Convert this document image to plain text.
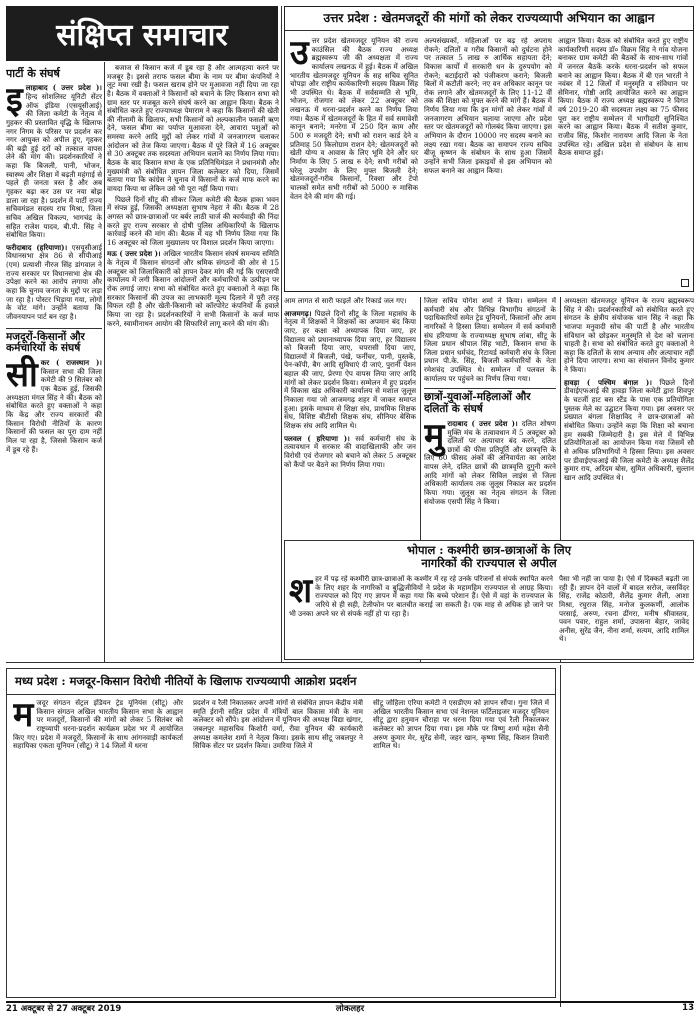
संक्षिप्त समाचार
पार्टी के संघर्ष
इ लाहाबाद ( उत्तर प्रदेश )। हिन्द सोशलिस्ट यूनिटी सेंटर ऑफ इंडिया (एसयूसीआई) की जिला कमेटी के नेतृत्व में गुहकर की प्रस्तावित वृद्धि के खिलाफ नगर निगम के परिसर पर प्रदर्शन कर नगर आयुक्त को अपील हुए, गृहकर की बढ़ी हुई दरों को तत्काल वापस लेने की मांग की। प्रदर्शनकारियों ने कहा कि बिजली, पानी, भोजन, स्वास्थ्य और शिक्षा में बढ़ती महंगाई से पहले ही जनता त्रस्त है और अब गृहकर बढ़ा कर उस पर नया बोझ डाला जा रहा है। प्रदर्शन में पार्टी राज्य सचिवमंडल सदस्य राघ मिश्रा, जिला सचिव अखिल विकल्प, भागचंद्र के सहित राजेश यादव, बी.पी. सिंह ने संबोधित किया।
फरीदाबाद (हरियाणा)। एसयूसीआई विधानसभा क्षेत्र 86 से सीपीआई (एम) प्रत्याशी नीरज सिंह डांगवाल ने राज्य सरकार पर विधानसभा क्षेत्र की उपेक्षा करने का आरोप लगाया और कहा कि चुनाव जनता के मुद्दों पर लड़ा जा रहा है। पोस्टर भिड़ाया गया, लोगों के वोट मांगे। उन्होंने बताया कि जीवनयापन पार्ट बन रहा है।
मजदूरों-किसानों और कर्मचारियों के संघर्ष
सी कर ( राजस्थान )। किसान सभा की जिला कमेटी की 9 सितंबर को एक बैठक हुई, जिसकी अध्यक्षता मंगल सिंह ने की। बैठक को संबोधित करते हुए वक्ताओं ने कहा कि केंद्र और राज्य सरकारों की किसान विरोधी नीतियों के कारण किसानों की फसल का पूरा दाम नहीं मिल पा रहा है, जिससे किसान कर्ज में डूब रहे हैं।

बजाज से किसान कर्ज में डूब रहा है और आत्महत्या करने पर मजबूर है। इससे तराफ फसल बीमा के नाम पर बीमा कंपनियों ने लूट मचा रखी है। फसल खराब होने पर मुआवजा नहीं दिया जा रहा है। बैठक में वक्ताओं ने किसानों को बचाने के लिए किसान सभा को ग्राम स्तर पर मजबूत करने संघर्ष करने का आह्वान किया। बैठक ने संबोधित करते हुए राज्याध्यक्ष पेमाराम ने कहा कि किसानों की खेती की नीलामी के खिलाफ, सभी किसानों को अल्पकालीन फसली ऋण देने, फसल बीमा का पर्याप्त मुआवजा देने, आवारा पशुओं को समस्या करने आदि मुद्दों को लेकर गांवों में जनजागरण चलाकर आंदोलन को तेज किया जाएगा। बैठक में पूरे जिले में 16 अक्टूबर से 30 अक्टूबर तक सदस्यता अभियान चलाने का निर्णय लिया गया। बैठक के बाद किसान सभा के एक प्रतिनिधिमंडल ने प्रधानमंत्री और मुख्यमंत्री को संबोधित ज्ञापन जिला कलेक्टर को दिया, जिसमें बताया गया कि कांग्रेस ने चुनाव में किसानों के कर्ज माफ करने का वायदा किया था लेकिन उसे भी पूरा नहीं किया गया।

पिछले दिनों सीटू की सीकर जिला कमेटी की बैठक हाका भवन में संपन्न हुई, जिसकी अध्यक्षता सुभाष नेहरा ने की। बैठक में 28 अगस्त को छात्र-छात्राओं पर बर्बर लाठी चार्ज की कार्यवाही की निंदा करते हुए राज्य सरकार से दोषी पुलिस अधिकारियों के खिलाफ कार्रवाई करने की मांग की। बैठक में यह भी निर्णय लिया गया कि 16 अक्टूबर को जिला मुख्यालय पर विशाल प्रदर्शन किया जाएगा।

मऊ ( उत्तर प्रदेश )। अखिल भारतीय किसान संघर्ष समन्वय समिति के नेतृत्व में किसान संगठनों और श्रमिक संगठनों की ओर से 15 अक्टूबर को जिलाधिकारी को ज्ञापन देकर मांग की गई कि एसएसपी कार्यालय में लगी किसान आंदोलनों और कर्मचारियों के उत्पीड़न पर रोक लगाई जाए। सभा को संबोधित करते हुए वक्ताओं ने कहा कि सरकार किसानों की उपज का लाभकारी मूल्य दिलाने में पूरी तरह विफल रही है और खेती-किसानी को कॉरपोरेट कंपनियों के हवाले किया जा रहा है। प्रदर्शनकारियों ने सभी किसानों के कर्ज माफ करने, स्वामीनाथन आयोग की सिफारिशें लागू करने की मांग की।
उत्तर प्रदेश : खेतमजदूरों की मांगों को लेकर राज्यव्यापी अभियान का आह्वान
उ त्तर प्रदेश खेतमजदूर यूनियन की राज्य काउंसिल की बैठक राज्य अध्यक्ष ब्रह्मस्वरूप जी की अध्यक्षता में राज्य कार्यालय लखनऊ में हुई। बैठक में अखिल भारतीय खेतमजदूर यूनियन के सह सचिव सुनित चोपड़ा और राष्ट्रीय कार्यकारिणी सदस्य विक्रम सिंह भी उपस्थित थे। बैठक में सर्वसम्मति से भूमि, भोजन, रोजगार को लेकर 22 अक्टूबर को लखनऊ में धरना-प्रदर्शन करने का निर्णय लिया गया। बैठक में खेतमजदूरों के हित में सर्व समावेशी कानून बनाने; मनरेगा में 250 दिन काम और 500 रु मजदूरी देने; सभी को राशन कार्ड देने व प्रतिमाह 50 किलोग्राम राशन देने; खेतमजदूरों को खेती योग्य व आवास के लिए भूमि देने और घर निर्माण के लिए 5 लाख रु देने; सभी गरीबों को घरेलू उपयोग के लिए मुफ्त बिजली देने; खेतमजदूरों-गरीब किसानों, रिक्शा और टेंपो चालकों समेत सभी गरीबों को 5000 रु मासिक वेतन देने की मांग की गई।
अल्पसंख्यकों, महिलाओं पर बढ़ रहे अपराध रोकने; दलितों व गरीब किसानों को दुर्घटना होने पर तत्काल 5 लाख रु आर्थिक सहायता देने; विकास कार्यों में सरकारी धन के दुरुपयोग को रोकने; बटाईदारों को पंजीकरण कराने; बिजली बिलों में कटौती करने; नए वन अधिकार कानून पर रोक लगाने और खेतमजदूरों के लिए 11-12 वीं तक की शिक्षा को मुफ्त करने की मांगें हैं। बैठक में निर्णय लिया गया कि इन मांगों को लेकर गांवों में जनजागरण अभियान चलाया जाएगा और प्रदेश स्तर पर खेतमजदूरों को गोलबंद किया जाएगा। इस अभियान के दौरान 10000 नए सदस्य बनाने का लक्ष्य रखा गया। बैठक का समापन राज्य सचिव बीजू कृष्णन के संबोधन के साथ हुआ जिसमें उन्होंने सभी जिला इकाइयों से इस अभियान को सफल बनाने का आह्वान किया।
आह्वान किया। बैठक को संबोधित करते हुए राष्ट्रीय कार्यकारिणी सदस्य डॉ० विक्रम सिंह ने गांव योजना बनाकर ग्राम कमेटी की बैठकों के साथ-साथ गांवों में जनरल बैठकें करके धरना-प्रदर्शन को सफल बनाने का आह्वान किया। बैठक में बी एल भारती ने नवंबर में 12 जिलों में मनुस्मृति व संविधान पर सेमिनार, गोष्ठी आदि आयोजित करने का आह्वान किया। बैठक में राज्य अध्यक्ष ब्रह्मस्वरूप ने विगत वर्ष 2019-20 की सदस्यता लक्ष्य का 75 फीसद पूरा कर राष्ट्रीय सम्मेलन में भागीदारी सुनिश्चित करने का आह्वान किया। बैठक में सतीश कुमार, राजीव सिंह, किशोर नारायण आदि जिला के नेता उपस्थित रहे। अखिल प्रदेश से संबोधन के साथ बैठक समाप्त हुई।
आम लागत से सारी फाइलें और रिकार्ड जल गए।
आजमगढ़। पिछले दिनों सीटू के जिला महासंघ के नेतृत्व में शिक्षकों ने शिक्षकों का अपमान बंद किया जाए, हर कक्षा को अध्यापक दिया जाए, हर विद्यालय को प्रधानाध्यापक दिया जाए, हर विद्यालय को बिजली दिया जाए, चपरासी दिया जाए, विद्यालयों में बिजली, पंखे, फर्नीचर, पानी, पुस्तकें, पेन-कॉपी, बैग आदि सुविधाएं दी जाएं, पुरानी पेंशन बहाल की जाए, प्रेरणा ऐप वापस लिया जाए आदि मांगों को लेकर प्रदर्शन किया। सम्मेलन में हुए प्रदर्शन में विकास खंड अधिकारी कार्यालय से मशाल जुलूस निकाला गया जो आजमगढ़ शहर में जाकर समाप्त हुआ। इसके माध्यम से शिक्षा संघ, प्राथमिक शिक्षक संघ, विशिष्ट बीटीसी शिक्षक संघ, सीनियर बेसिक शिक्षक संघ आदि शामिल थे।
पलवल ( हरियाणा )। सर्व कर्मचारी संघ के तत्वावधान में सरकार की वादाखिलाफी और जन विरोधी एवं रोजगार को बचाने को लेकर 5 अक्टूबर को कैंपों पर बैठने का निर्णय लिया गया।
जिला सचिव योगेश शर्मा ने किया। सम्मेलन में कर्मचारी संघ और विभिन्न विभागीय संगठनों के पदाधिकारियों समेत ट्रेड यूनियनों, किसानों और आम नागरिकों ने हिस्सा लिया। सम्मेलन में सर्व कर्मचारी संघ हरियाणा के राज्याध्यक्ष सुभाष लांबा, सीटू के जिला प्रधान श्रीपाल सिंह भाटी, किसान सभा के जिला प्रधान धर्मचंद, रिटायर्ड कर्मचारी संघ के जिला प्रधान पी.के. सिंह, बिजली कर्मचारियों के नेता रमेशचंद उपस्थित थे। सम्मेलन में पलवल के कार्यालय पर पहुंचने का निर्णय लिया गया।
छात्रों-युवाओं-महिलाओं और दलितों के संघर्ष
मु रादाबाद ( उत्तर प्रदेश )। दलित शोषण मुक्ति मंच के तत्वावधान में 5 अक्टूबर को दलितों पर अत्याचार बंद करने, दलित छात्रों की फीस प्रतिपूर्ति और छात्रवृत्ति के लिए 60 फीसद अंकों की अनिवार्यता का आदेश वापस लेने, दलित छात्रों की छात्रवृत्ति दुगुनी करने आदि मांगों को लेकर सिविल लाइंस से जिला अधिकारी कार्यालय तक जुलूस निकाल कर प्रदर्शन किया गया। जुलूस का नेतृत्व संगठन के जिला संयोजक एसपी सिंह ने किया।
अध्यक्षता खेतमजदूर यूनियन के राज्य ब्रह्मस्वरूप सिंह ने की। प्रदर्शनकारियों को संबोधित करते हुए संगठन के क्षेत्रीय संयोजक धान सिंह ने कहा कि भाजपा मनुवादी सोच की पार्टी है और भारतीय संविधान को छोड़कर मनुस्मृति से देश को चलाना चाहती है। सभा को संबोधित करते हुए वक्ताओं ने कहा कि दलितों के साथ अन्याय और अत्याचार नहीं होने दिया जाएगा। सभा का संचालन विनोद कुमार ने किया।
हावड़ा ( पश्चिम बंगाल )। पिछले दिनों डीवाईएफआई की हावड़ा जिला कमेटी द्वारा शिवपुर के चटर्जी हाट बस स्टैंड के पास एक प्रतियोगिता पुस्तक मेले का उद्घाटन किया गया। इस अवसर पर प्रख्यात बंगला शिक्षाविद ने छात्र-छात्राओं को संबोधित किया। उन्होंने कहा कि शिक्षा को बचाना हम सबकी जिम्मेदारी है। इस मेले में विभिन्न प्रतियोगिताओं का आयोजन किया गया जिसमें सौ से अधिक प्रतिभागियों ने हिस्सा लिया। इस अवसर पर डीवाईएफआई की जिला कमेटी के अध्यक्ष शैलेंद्र कुमार राय, अरिंदम बोस, सुमित अधिकारी, सुल्तान खान आदि उपस्थित थे।
भोपाल : कश्मीरी छात्र-छात्राओं के लिए
नागरिकों की राज्यपाल से अपील
श हर में पढ़ रहे कश्मीरी छात्र-छात्राओं के कश्मीर में रह रहे उनके परिजनों से संपर्क स्थापित करने के लिए शहर के नागरिकों व बुद्धिजीवियों ने प्रदेश के महामहिम राज्यपाल से आग्रह किया। राज्यपाल को दिए गए ज्ञापन में कहा गया कि बच्चे परेशान हैं। ऐसे में वहां के राज्यपाल के जरिये से ही सही, टेलीफोन पर बातचीत कराई जा सकती है। एक माह से अधिक हो जाने पर भी उनका अपने घर से संपर्क नहीं हो पा रहा है।
पैसा भी नहीं जा पाया है। ऐसे में दिक्कतें बढ़ती जा रही हैं। ज्ञापन देने वालों में बादल सरोज, जसविंदर सिंह, राजेंद्र कोठारी, शैलेंद्र कुमार शैली, आशा मिश्रा, रघुराज सिंह, मनोज कुलकर्णी, आलोक परसाई, अरुण, रचना ढींगरा, मनीष श्रीवास्तव, पवन पवार, राहुल शर्मा, उपासना बेहार, जावेद अनीस, सुरेंद्र जैन, नीना शर्मा, सत्यम, आदि शामिल थे।
मध्य प्रदेश : मजदूर-किसान विरोधी नीतियों के खिलाफ राज्यव्यापी आक्रोश प्रदर्शन
म जदूर संगठन सेंट्रल इंडियन ट्रेड यूनियंस (सीटू) और किसान संगठन अखिल भारतीय किसान सभा के आह्वान पर मजदूरों, किसानों की मांगों को लेकर 5 सितंबर को राष्ट्रव्यापी धरना-प्रदर्शन कार्यक्रम प्रदेश भर में आयोजित किए गए। प्रदेश में मजदूरों, किसानों के साथ आंगनवाड़ी कार्यकर्ता सहायिका एकता यूनियन (सीटू) ने 14 जिलों में धरना
प्रदर्शन व रैली निकालकर अपनी मांगों से संबंधित ज्ञापन केंद्रीय मंत्री स्मृति ईरानी सहित प्रदेश में मंत्रियों बाल विकास मंत्री के नाम कलेक्टर को सौंपे। इस आंदोलन में यूनियन की अध्यक्ष विद्या खंगार, जबलपुर महासचिव किशोरी वर्मा, रीवा यूनियन की कार्यकारी अध्यक्ष कमलेश शर्मा ने नेतृत्व किया। इसके साथ सीटू जबलपुर ने सिविक सेंटर पर प्रदर्शन किया। उमरिया जिले में
सीटू जोहिला एरिया कमेटी ने एसडीएम को ज्ञापन सौंपा। गुना जिले में अखिल भारतीय किसान सभा एवं नेशनल फर्टिलाइजर मजदूर यूनियन सीटू द्वारा हनुमान चौराहा पर धरना दिया गया एवं रैली निकालकर कलेक्टर को ज्ञापन दिया गया। इस मौके पर विष्णु शर्मा महेश सैनी अरुण कुमार मेर, सुरेंद्र सेनी, जहर खान, कृष्णा सिंह, किशन तिवारी शामिल थे।
21 अक्टूबर से 27 अक्टूबर 2019	लोकलहर	13
